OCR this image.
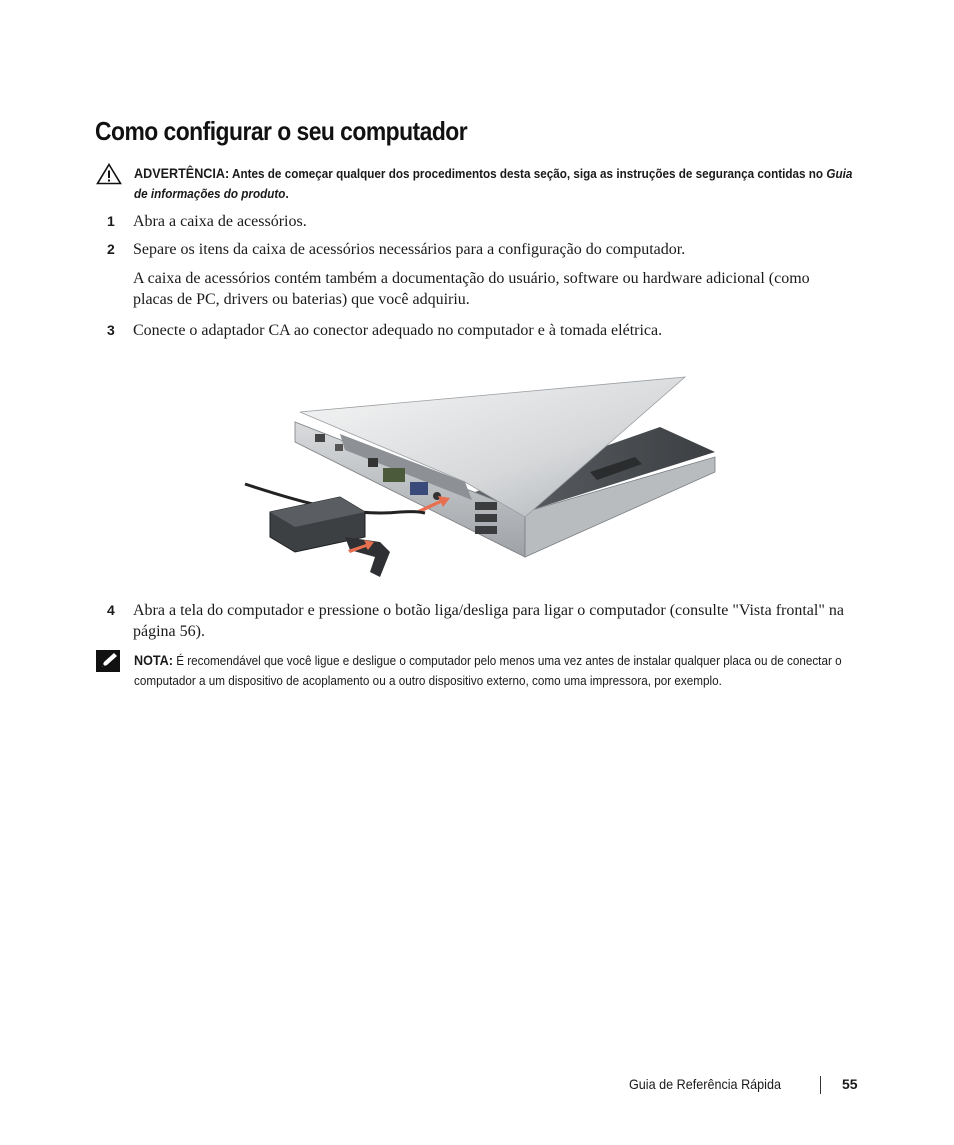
Como configurar o seu computador
ADVERTÊNCIA: Antes de começar qualquer dos procedimentos desta seção, siga as instruções de segurança contidas no Guia de informações do produto.
1 Abra a caixa de acessórios.
2 Separe os itens da caixa de acessórios necessários para a configuração do computador.
A caixa de acessórios contém também a documentação do usuário, software ou hardware adicional (como placas de PC, drivers ou baterias) que você adquiriu.
3 Conecte o adaptador CA ao conector adequado no computador e à tomada elétrica.
4 Abra a tela do computador e pressione o botão liga/desliga para ligar o computador (consulte "Vista frontal" na página 56).
NOTA: É recomendável que você ligue e desligue o computador pelo menos uma vez antes de instalar qualquer placa ou de conectar o computador a um dispositivo de acoplamento ou a outro dispositivo externo, como uma impressora, por exemplo.
Guia de Referência Rápida	55
